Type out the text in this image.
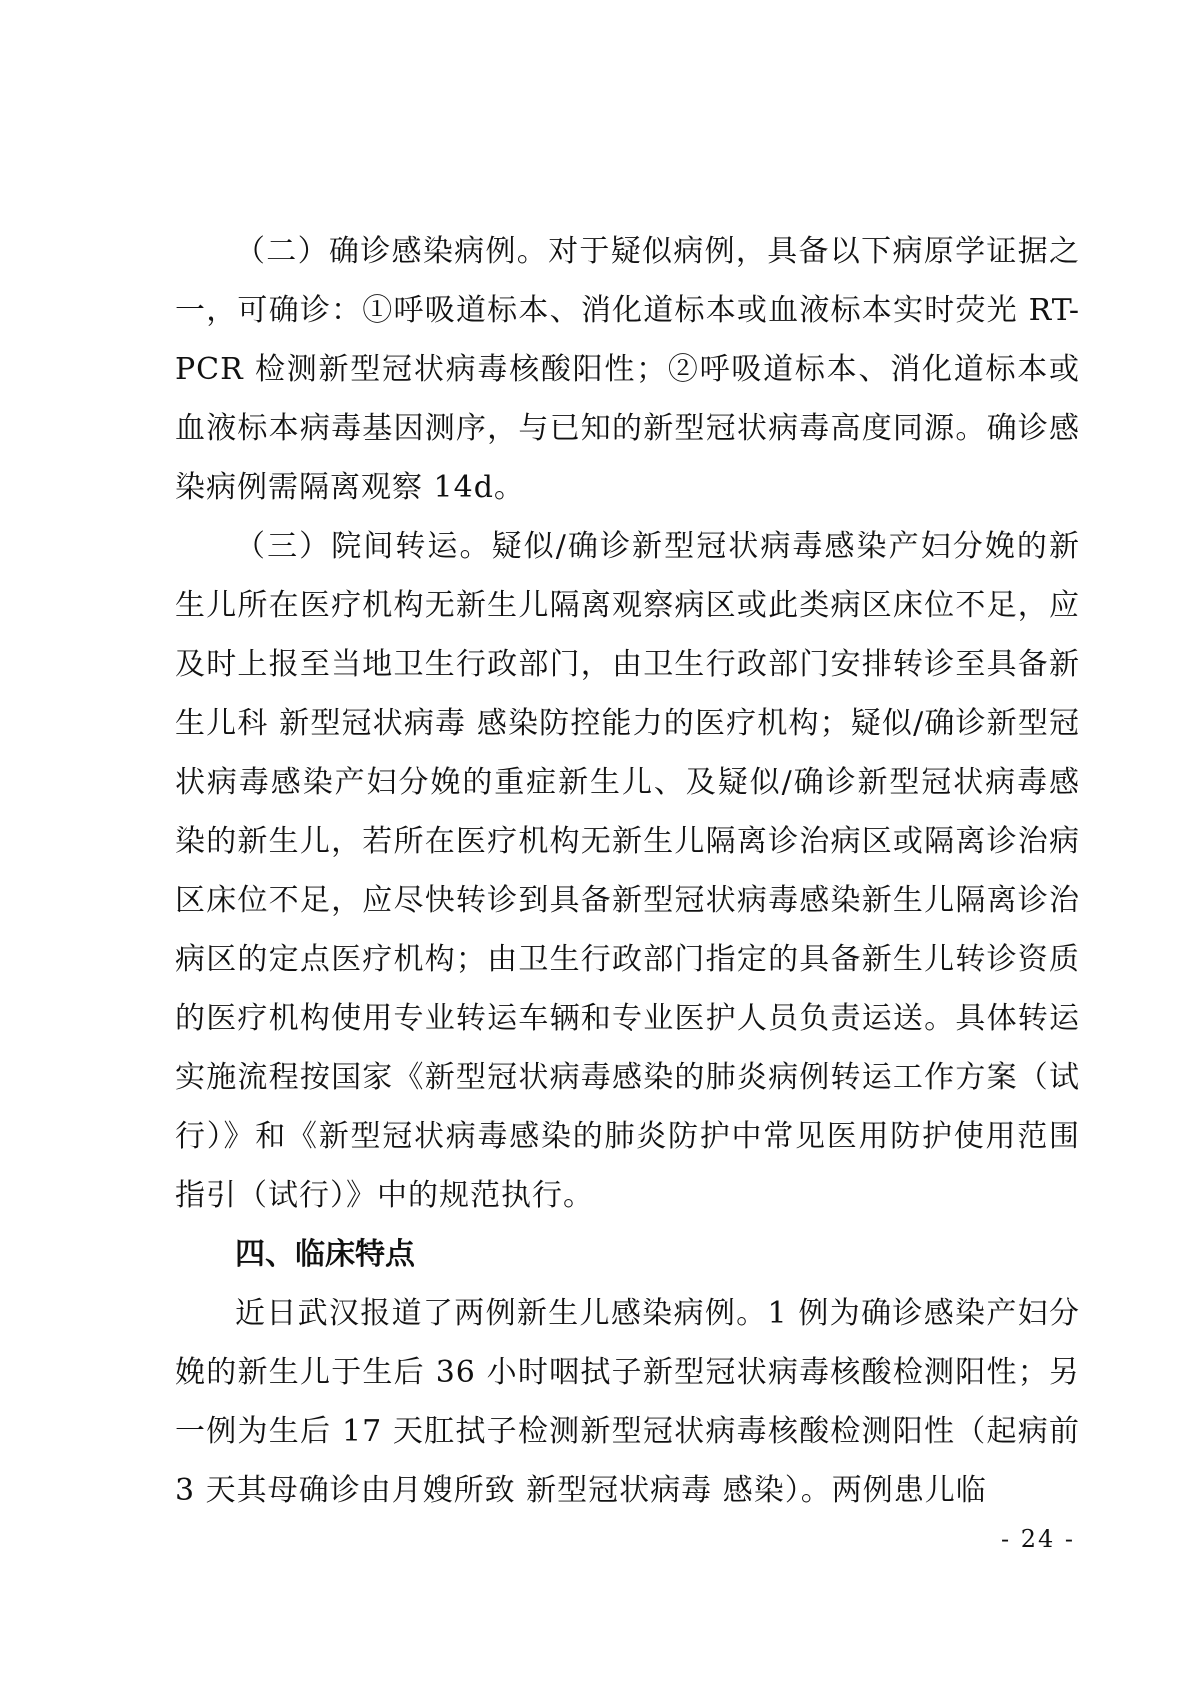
（二）确诊感染病例。对于疑似病例，具备以下病原学证据之一，可确诊：①呼吸道标本、消化道标本或血液标本实时荧光 RT-PCR 检测新型冠状病毒核酸阳性；②呼吸道标本、消化道标本或血液标本病毒基因测序，与已知的新型冠状病毒高度同源。确诊感染病例需隔离观察 14d。

（三）院间转运。疑似/确诊新型冠状病毒感染产妇分娩的新生儿所在医疗机构无新生儿隔离观察病区或此类病区床位不足，应及时上报至当地卫生行政部门，由卫生行政部门安排转诊至具备新生儿科 新型冠状病毒 感染防控能力的医疗机构；疑似/确诊新型冠状病毒感染产妇分娩的重症新生儿、及疑似/确诊新型冠状病毒感染的新生儿，若所在医疗机构无新生儿隔离诊治病区或隔离诊治病区床位不足，应尽快转诊到具备新型冠状病毒感染新生儿隔离诊治病区的定点医疗机构；由卫生行政部门指定的具备新生儿转诊资质的医疗机构使用专业转运车辆和专业医护人员负责运送。具体转运实施流程按国家《新型冠状病毒感染的肺炎病例转运工作方案（试行）》和《新型冠状病毒感染的肺炎防护中常见医用防护使用范围指引（试行）》中的规范执行。

四、临床特点

近日武汉报道了两例新生儿感染病例。1 例为确诊感染产妇分娩的新生儿于生后 36 小时咽拭子新型冠状病毒核酸检测阳性；另一例为生后 17 天肛拭子检测新型冠状病毒核酸检测阳性（起病前 3 天其母确诊由月嫂所致 新型冠状病毒 感染）。两例患儿临

- 24 -
